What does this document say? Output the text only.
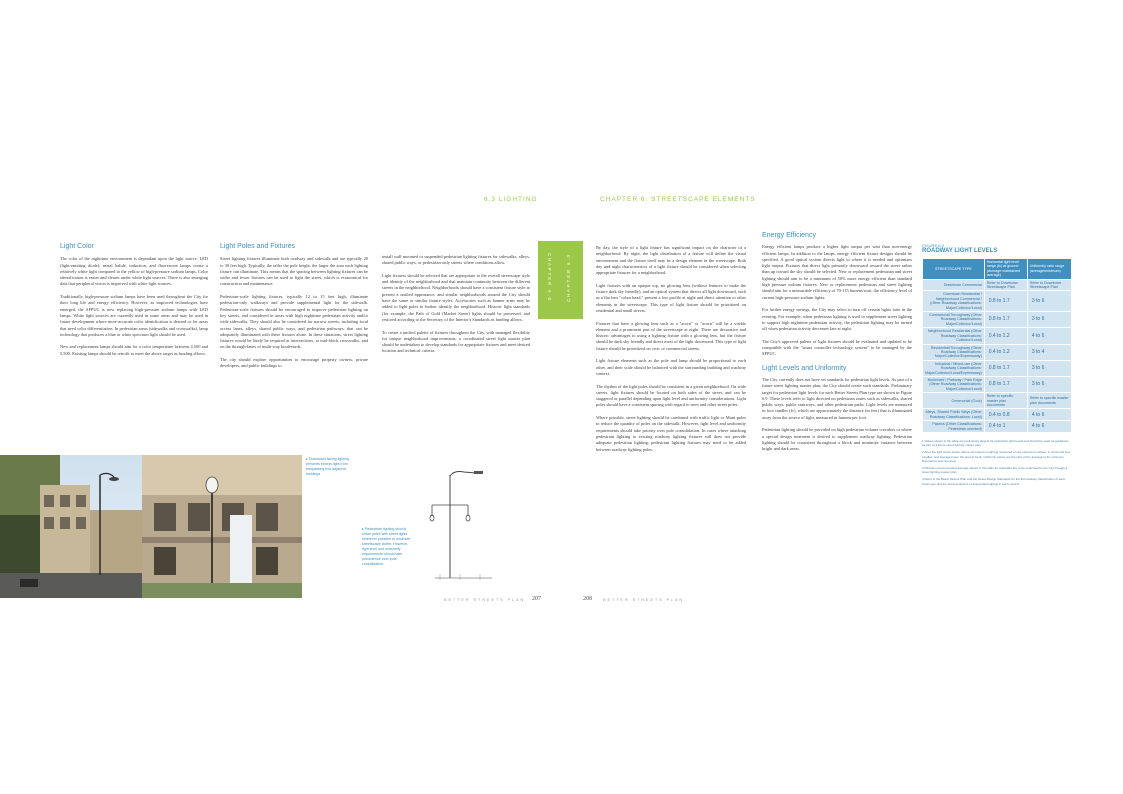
6.3 LIGHTING	CHAPTER 6: STREETSCAPE ELEMENTS
Light Color

The color of the nighttime environment is dependant upon the light source. LED (light-emitting diode), metal halide, induction, and fluorescent lamps create a relatively white light compared to the yellow of high-pressure sodium lamps. Color identification is easier and clearer under white light sources. There is also emerging data that peripheral vision is improved with white light sources.

Traditionally, high-pressure sodium lamps have been used throughout the City for their long life and energy efficiency. However, as improved technologies have emerged, the SFPUC is now replacing high-pressure sodium lamps with LED lamps. White light sources are currently used in some areas and may be used in future development where more-accurate color identification is desired or for areas that need color differentiation. In pedestrian areas (sidewalks and crosswalks), lamp technology that produces a blue or white spectrum light should be used.

New and replacement lamps should aim for a color temperature between 4,500 and 5,500. Existing lamps should be retrofit to meet the above target as funding allows.

Light Poles and Fixtures

Street lighting fixtures illuminate both roadway and sidewalk and are typically 20 to 30 feet high. Typically, the taller the pole height, the larger the area each lighting fixture can illuminate. This means that the spacing between lighting fixtures can be wider and fewer fixtures can be used to light the street, which is economical for construction and maintenance.

Pedestrian-scale lighting fixtures, typically 12 to 15 feet high, illuminate pedestrian-only walkways and provide supplemental light for the sidewalk. Pedestrian-scale fixtures should be encouraged to improve pedestrian lighting on key streets, and considered in areas with high nighttime pedestrian activity and/or wide sidewalks. They should also be considered for narrow streets, including local access lanes, alleys, shared public ways, and pedestrian pathways, that can be adequately illuminated with these fixtures alone. In these situations, street lighting fixtures would be likely be required at intersections, at mid-block crosswalks, and on the through-lanes of multi-way boulevards.

The city should explore opportunities to encourage property owners, private developers, and public buildings to

install wall mounted or suspended pedestrian lighting fixtures for sidewalks, alleys, shared public ways, or pedestrian-only streets where conditions allow.

Light fixtures should be selected that are appropriate to the overall streetscape style and identity of the neighborhood and that maintain continuity between the different streets in the neighborhood. Neighborhoods should have a consistent fixture style to present a unified appearance, and similar neighborhoods around the City should have the same or similar fixture styles. Accessories such as banner arms may be added to light poles to further identify the neighborhood. Historic light standards (for example, the Path of Gold (Market Street) lights should be preserved, and restored according to the Secretary of the Interior's Standards as funding allows.

To create a unified palette of fixtures throughout the City, with managed flexibility for unique neighborhood improvements, a coordinated street light master plan should be undertaken to develop standards for appropriate fixtures and meet desired location and technical criteria.

▸ Downward-facing lighting prevents excess light from trespassing into adjacent buildings
▸ Pedestrian lighting should share poles with street lights wherever possible to minimize streetscape clutter. However, light level and uniformity requirements should take precedence over pole consolidation.
BETTER STREETS PLAN 207
CHAPTER 6.0	CHAPTER 6.0

By day, the style of a light fixture has significant impact on the character of a neighborhood. By night, the light distribution of a fixture will define the visual environment and the fixture itself may be a design element in the streetscape. Both day and night characteristics of a light fixture should be considered when selecting appropriate fixtures for a neighborhood.

Light fixtures with an opaque top, no glowing lens (without features to make the fixture dark sky friendly), and an optical system that directs all light downward, such as a flat lens "cobra head," present a low profile at night and direct attention to other elements in the streetscape. This type of light fixture should be prioritized on residential and small streets.

Fixtures that have a glowing lens such as a "acorn" or "acorn" will be a visible element and a prominent part of the streetscape at night. There are decorative and historic advantages to using a lighting fixture with a glowing lens, but the fixture should be dark sky friendly and direct most of the light downward. This type of light fixture should be prioritized on civic or commercial streets.

Light fixture elements such as the pole and lamp should be proportional to each other, and their scale should be balanced with the surrounding building and roadway context.

The rhythm of the light poles should be consistent in a given neighborhood. On wide streets, light fixtures should be located on both sides of the street, and can be staggered or parallel depending upon light level and uniformity considerations. Light poles should have a consistent spacing with regard to trees and other street poles.

Where possible, street lighting should be combined with traffic light or Muni poles to reduce the quantity of poles on the sidewalk. However, light level and uniformity requirements should take priority over pole consolidation. In cases where attaching pedestrian lighting to existing roadway lighting fixtures still does not provide adequate pedestrian lighting, pedestrian lighting fixtures may need to be added between roadway lighting poles.

Energy Efficiency

Energy efficient lamps produce a higher light output per watt than non-energy efficient lamps. In addition to the lamps, energy efficient fixture designs should be specified. A good optical system directs light to where it is needed and optimizes light output. Fixtures that direct light primarily downward toward the street rather than up toward the sky should be selected. New or replacement pedestrian and street lighting should aim to be a minimum of 50% more energy efficient than standard high pressure sodium fixtures. New or replacement pedestrian and street lighting should aim for a measurable efficiency of 70-115 lumens/watt, the efficiency level of current high-pressure sodium lights.

For further energy savings, the City may select to turn off certain lights later in the evening. For example, when pedestrian lighting is used to supplement street lighting to support high nighttime pedestrian activity, the pedestrian lighting may be turned off when pedestrian activity decreases late at night.

The City's approved palette of light fixtures should be evaluated and updated to be compatible with the "smart controller technology system" to be managed by the SFPUC.

Light Levels and Uniformity

The City currently does not have set standards for pedestrian light levels. As part of a future street lighting master plan, the City should create such standards. Preliminary target for pedestrian light levels for each Better Streets Plan type are shown in Figure 6.9. These levels refer to light directed on pedestrian zones such as sidewalks, shared public ways, public stairways, and other pedestrian paths. Light levels are measured in foot candles (fc), which are approximately the distance (in feet) that is illuminated away from the source of light, measured in lumens per foot.

Pedestrian lighting should be provided on high pedestrian volume corridors or where a special design treatment is desired to supplement roadway lighting. Pedestrian lighting should be consistent throughout a block and minimize variance between bright and dark areas.

FIGURE 6.9
ROADWAY LIGHT LEVELS
STREETSCAPE TYPE	Horizontal light level range (fc) at ground (Average maintained average)	Uniformity ratio range (average/minimum)
Downtown Commercial	Refer to Downtown Streetscape Plan	Refer to Downtown Streetscape Plan
Downtown Residential / Neighborhood Commercial / (Other Roadway classifications: Major/Collector/Local)	0.8 to 1.7	3 to 6
Commercial/Throughway (Other Roadway Classifications: Major/Collector/Local)	0.8 to 1.7	3 to 6
Neighborhood Residential (Other Roadway Classifications: Collector/Local)	0.4 to 1.2	4 to 6
Residential/Throughway (Other Roadway Classifications: Major/Collector/Expressway)	0.4 to 1.2	3 to 4
Industrial / Mixed-use (Other Roadway Classifications: Major/Collector/Local/Expressway)	0.8 to 1.7	3 to 6
Boulevard / Parkway / Park Edge (Other Roadway Classifications: Major/Collector/Local)	0.8 to 1.7	3 to 6
Ceremonial (Civic)	Refer to specific master plan documents	Refer to specific master plan documents
Alleys, Shared Public Ways (Other Roadway Classifications: Local)	0.4 to 0.8	4 to 6
Paseos (Other Classifications: Pedestrian-oriented)	0.4 to 1	4 to 6
1 Values shown in the table are preliminary targets for pedestrian light levels and should be used as guidelines as part of a future street lighting master plan.
2 All of the light levels shown above are based on lighting measured on the pavement surface, in horizontal foot candles, and averaged over the area to be lit; uniformity values are the ratio of the average to the minimum illuminance over the area.
3 Minimum recommended average values in this table for sidewalks are to be confirmed by the City through a street lighting master plan.
4 Refer to the Better Streets Plan and the Street Design Standards for the full roadway classification of each street type and the full descriptions of appropriate lighting in each context.
208	BETTER STREETS PLAN
